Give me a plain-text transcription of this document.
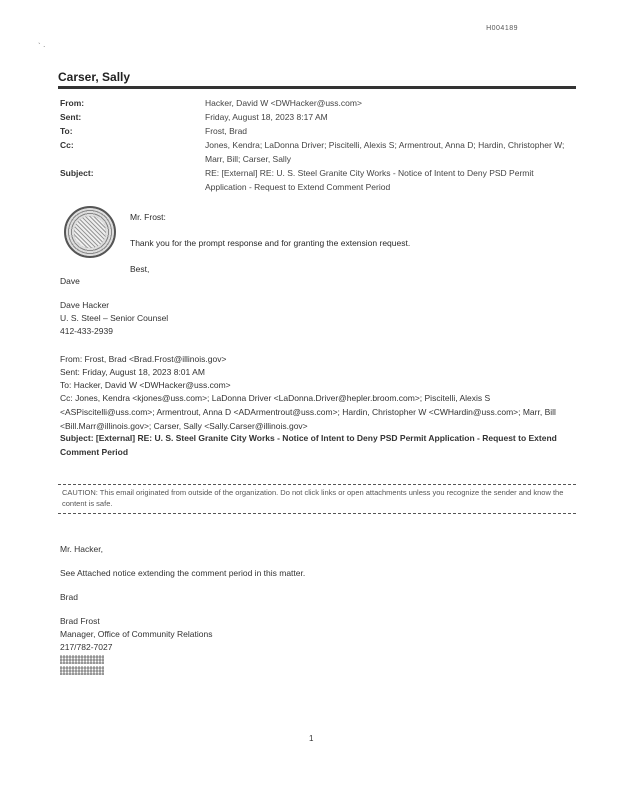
H004189
` ·
Carser, Sally
From:	Hacker, David W <DWHacker@uss.com>
Sent:	Friday, August 18, 2023 8:17 AM
To:	Frost, Brad
Cc:	Jones, Kendra; LaDonna Driver; Piscitelli, Alexis S; Armentrout, Anna D; Hardin, Christopher W; Marr, Bill; Carser, Sally
Subject:	RE: [External] RE: U. S. Steel Granite City Works - Notice of Intent to Deny PSD Permit Application - Request to Extend Comment Period
Mr. Frost:
Thank you for the prompt response and for granting the extension request.
Best,
Dave
Dave Hacker
U. S. Steel – Senior Counsel
412-433-2939
From: Frost, Brad <Brad.Frost@illinois.gov>
Sent: Friday, August 18, 2023 8:01 AM
To: Hacker, David W <DWHacker@uss.com>
Cc: Jones, Kendra <kjones@uss.com>; LaDonna Driver <LaDonna.Driver@hepler.broom.com>; Piscitelli, Alexis S <ASPiscitelli@uss.com>; Armentrout, Anna D <ADArmentrout@uss.com>; Hardin, Christopher W <CWHardin@uss.com>; Marr, Bill <Bill.Marr@illinois.gov>; Carser, Sally <Sally.Carser@illinois.gov>
Subject: [External] RE: U. S. Steel Granite City Works - Notice of Intent to Deny PSD Permit Application - Request to Extend Comment Period
CAUTION: This email originated from outside of the organization. Do not click links or open attachments unless you recognize the sender and know the content is safe.
Mr. Hacker,
See Attached notice extending the comment period in this matter.
Brad
Brad Frost
Manager, Office of Community Relations
217/782-7027
1
